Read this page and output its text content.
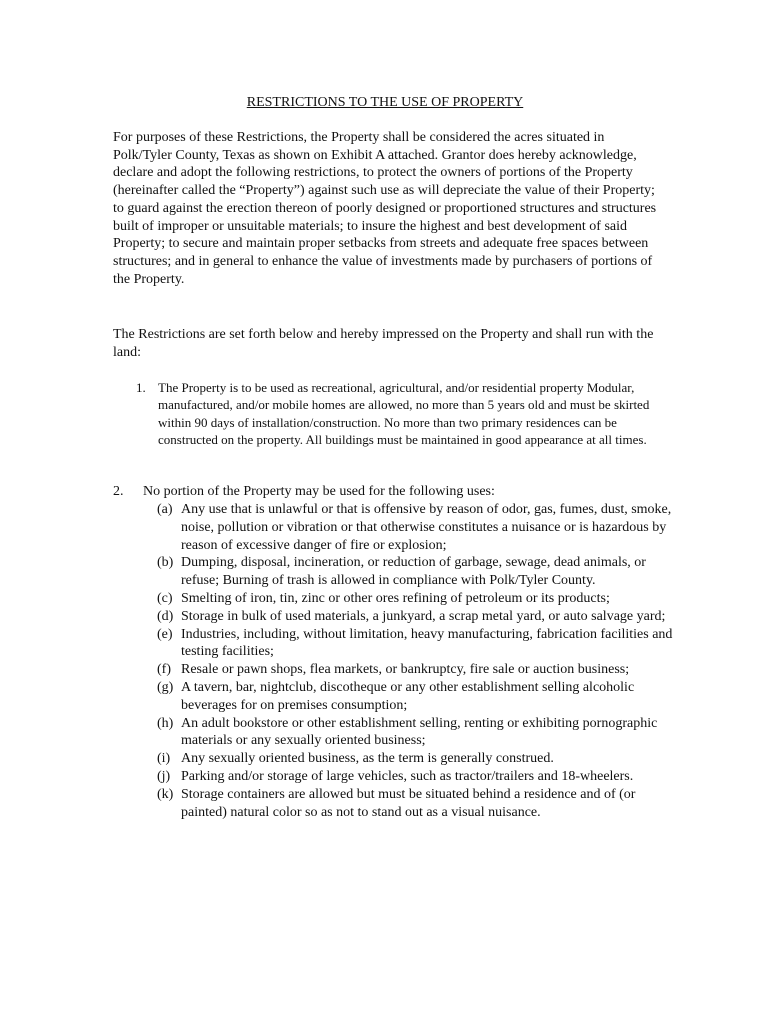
RESTRICTIONS TO THE USE OF PROPERTY

For purposes of these Restrictions, the Property shall be considered the acres situated in Polk/Tyler County, Texas as shown on Exhibit A attached. Grantor does hereby acknowledge, declare and adopt the following restrictions, to protect the owners of portions of the Property (hereinafter called the “Property”) against such use as will depreciate the value of their Property; to guard against the erection thereon of poorly designed or proportioned structures and structures built of improper or unsuitable materials; to insure the highest and best development of said Property; to secure and maintain proper setbacks from streets and adequate free spaces between structures; and in general to enhance the value of investments made by purchasers of portions of the Property.

The Restrictions are set forth below and hereby impressed on the Property and shall run with the land:

1. The Property is to be used as recreational, agricultural, and/or residential property Modular, manufactured, and/or mobile homes are allowed, no more than 5 years old and must be skirted within 90 days of installation/construction. No more than two primary residences can be constructed on the property. All buildings must be maintained in good appearance at all times.
2. No portion of the Property may be used for the following uses:
(a) Any use that is unlawful or that is offensive by reason of odor, gas, fumes, dust, smoke, noise, pollution or vibration or that otherwise constitutes a nuisance or is hazardous by reason of excessive danger of fire or explosion;
(b) Dumping, disposal, incineration, or reduction of garbage, sewage, dead animals, or refuse; Burning of trash is allowed in compliance with Polk/Tyler County.
(c) Smelting of iron, tin, zinc or other ores refining of petroleum or its products;
(d) Storage in bulk of used materials, a junkyard, a scrap metal yard, or auto salvage yard;
(e) Industries, including, without limitation, heavy manufacturing, fabrication facilities and testing facilities;
(f) Resale or pawn shops, flea markets, or bankruptcy, fire sale or auction business;
(g) A tavern, bar, nightclub, discotheque or any other establishment selling alcoholic beverages for on premises consumption;
(h) An adult bookstore or other establishment selling, renting or exhibiting pornographic materials or any sexually oriented business;
(i) Any sexually oriented business, as the term is generally construed.
(j) Parking and/or storage of large vehicles, such as tractor/trailers and 18-wheelers.
(k) Storage containers are allowed but must be situated behind a residence and of (or painted) natural color so as not to stand out as a visual nuisance.
